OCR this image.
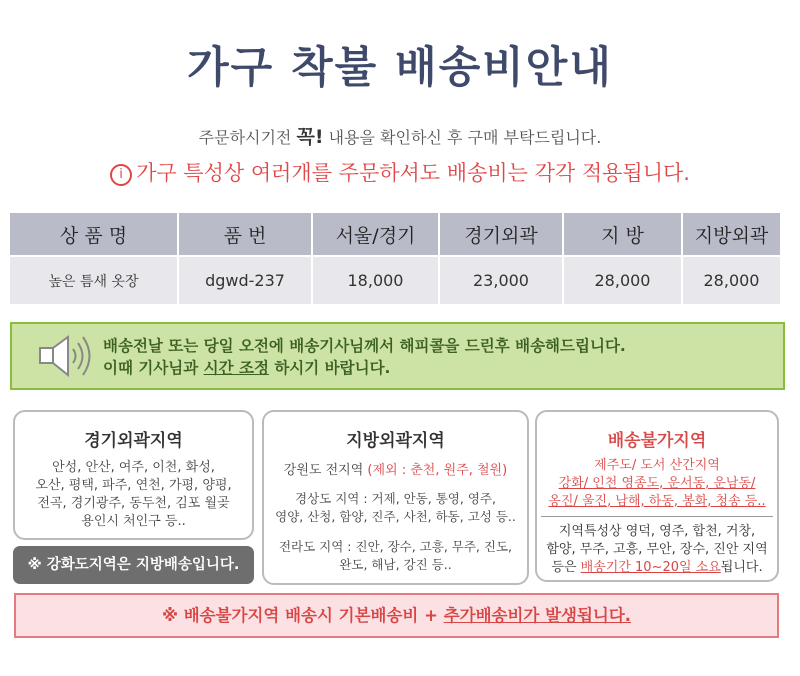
가구 착불 배송비안내
주문하시기전 꼭! 내용을 확인하신 후 구매 부탁드립니다.
i 가구 특성상 여러개를 주문하셔도 배송비는 각각 적용됩니다.
상 품 명	품 번	서울/경기	경기외곽	지 방	지방외곽
높은 틈새 옷장	dgwd-237	18,000	23,000	28,000	28,000
배송전날 또는 당일 오전에 배송기사님께서 해피콜을 드린후 배송해드립니다.
이때 기사님과 시간 조정 하시기 바랍니다.
경기외곽지역

안성, 안산, 여주, 이천, 화성,
오산, 평택, 파주, 연천, 가평, 양평,
전곡, 경기광주, 동두천, 김포 월곶
용인시 처인구 등..

※ 강화도지역은 지방배송입니다.
지방외곽지역
강원도 전지역 (제외 : 춘천, 원주, 철원)
경상도 지역 : 거제, 안동, 통영, 영주,
영양, 산청, 함양, 진주, 사천, 하동, 고성 등..
전라도 지역 : 진안, 장수, 고흥, 무주, 진도,
완도, 해남, 강진 등..
배송불가지역
제주도/ 도서 산간지역
강화/ 인천 영종도, 운서동, 운남동/
옹진/ 울진, 남해, 하동, 봉화, 청송 등..
지역특성상 영덕, 영주, 합천, 거창,
함양, 무주, 고흥, 무안, 장수, 진안 지역
등은 배송기간 10~20일 소요됩니다.
※ 배송불가지역 배송시 기본배송비 + 추가배송비가 발생됩니다.
